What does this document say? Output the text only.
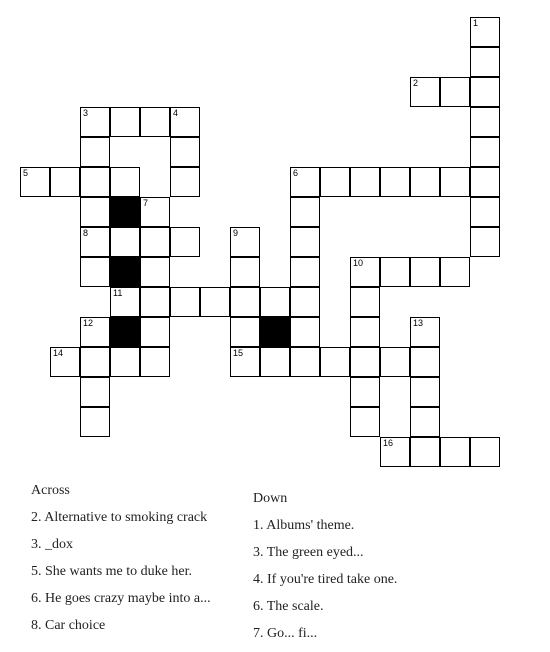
1
2
3	4
5	6
7
8	9
10
11
12	13
14	15
16
Across
2. Alternative to smoking crack
3. _dox
5. She wants me to duke her.
6. He goes crazy maybe into a...
8. Car choice
Down
1. Albums' theme.
3. The green eyed...
4. If you're tired take one.
6. The scale.
7. Go... fi...
